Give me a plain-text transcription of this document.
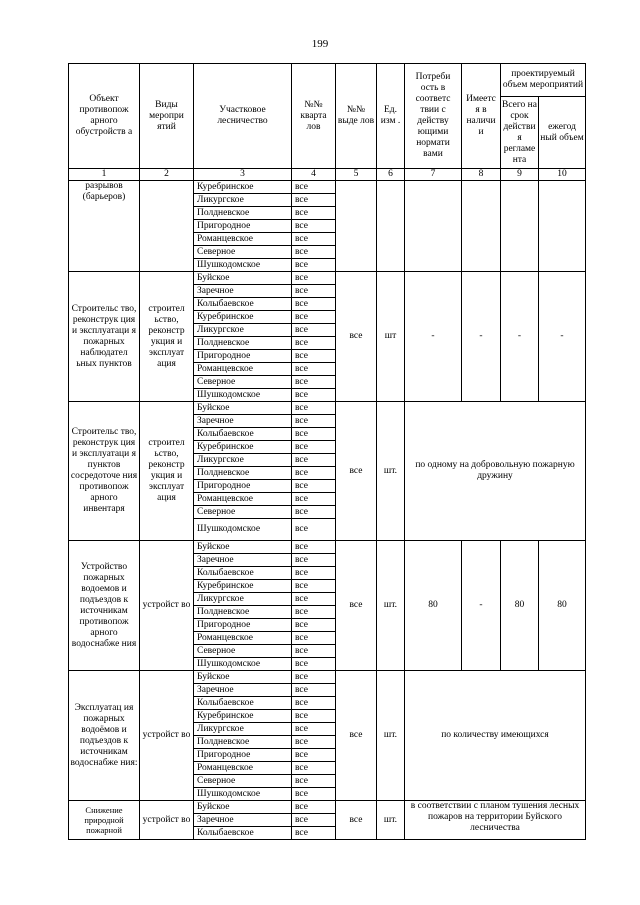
199
Объект противопож арного обустройств а	Виды меропри ятий	Участковое лесничество	№№ кварта лов	№№ выде лов	Ед. изм .	Потреби ость в соответс твии с действу ющими нормати вами	Имеетс я в наличи и	проектируемый объем мероприятий	
								Всего на срок действи я регламе нта	ежегод ный объем
1	2	3	4	5	6	7	8	9	10
разрывов (барьеров)		Куребринское	все						
		Ликургское	все						
		Полдневское	все						
		Пригородное	все						
		Романцевское	все						
		Северное	все						
		Шушкодомское	все						
Строительс тво, реконструк ция и эксплуатаци я пожарных наблюдател ьных пунктов	строител ьство, реконстр укция и эксплуат ация	Буйское	все	все	шт	-	-	-	-
		Заречное	все						
		Колыбаевское	все						
		Куребринское	все						
		Ликургское	все						
		Полдневское	все						
		Пригородное	все						
		Романцевское	все						
		Северное	все						
		Шушкодомское	все						
Строительс тво, реконструк ция и эксплуатаци я пунктов сосредоточе ния противопож арного инвентаря	строител ьство, реконстр укция и эксплуат ация	Буйское	все	все	шт.	по одному на добровольную пожарную дружину			
		Заречное	все						
		Колыбаевское	все						
		Куребринское	все						
		Ликургское	все						
		Полдневское	все						
		Пригородное	все						
		Романцевское	все						
		Северное	все						
		Шушкодомское	все						
Устройство пожарных водоемов и подъездов к источникам противопож арного водоснабже ния	устройст во	Буйское	все	все	шт.	80	-	80	80
		Заречное	все						
		Колыбаевское	все						
		Куребринское	все						
		Ликургское	все						
		Полдневское	все						
		Пригородное	все						
		Романцевское	все						
		Северное	все						
		Шушкодомское	все						
Эксплуатац ия пожарных водоёмов и подъездов к источникам водоснабже ния:	устройст во	Буйское	все	все	шт.	по количеству имеющихся			
		Заречное	все						
		Колыбаевское	все						
		Куребринское	все						
		Ликургское	все						
		Полдневское	все						
		Пригородное	все						
		Романцевское	все						
		Северное	все						
		Шушкодомское	все						
Снижение природной пожарной	устройст во	Буйское	все	все	шт.	в соответствии с планом тушения лесных пожаров на территории Буйского лесничества			
		Заречное	все						
		Колыбаевское	все						
